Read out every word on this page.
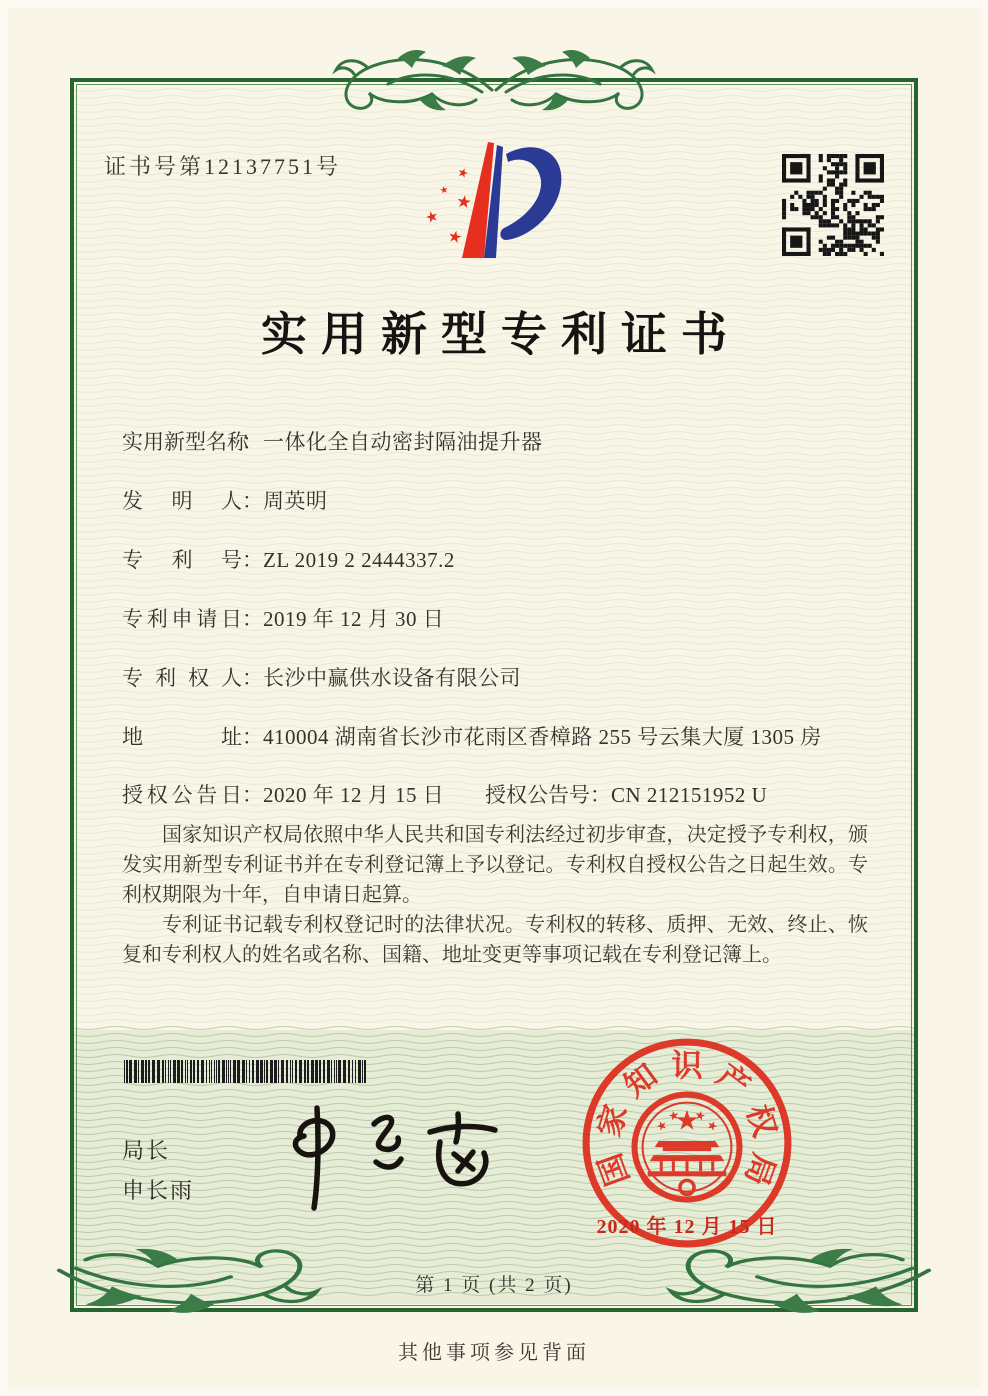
证书号第12137751号
实用新型专利证书
实用新型名称：一体化全自动密封隔油提升器
发明人：周英明
专利号：ZL 2019 2 2444337.2
专利申请日：2019 年 12 月 30 日
专利权人：长沙中赢供水设备有限公司
地址：410004 湖南省长沙市花雨区香樟路 255 号云集大厦 1305 房
授权公告日：2020 年 12 月 15 日 授权公告号：CN 212151952 U

国家知识产权局依照中华人民共和国专利法经过初步审查，决定授予专利权，颁发实用新型专利证书并在专利登记簿上予以登记。专利权自授权公告之日起生效。专利权期限为十年，自申请日起算。

专利证书记载专利权登记时的法律状况。专利权的转移、质押、无效、终止、恢复和专利权人的姓名或名称、国籍、地址变更等事项记载在专利登记簿上。

局长
申长雨
国
家
知 识 产
权
局
2020 年 12 月 15 日
第 1 页 (共 2 页)
其他事项参见背面
